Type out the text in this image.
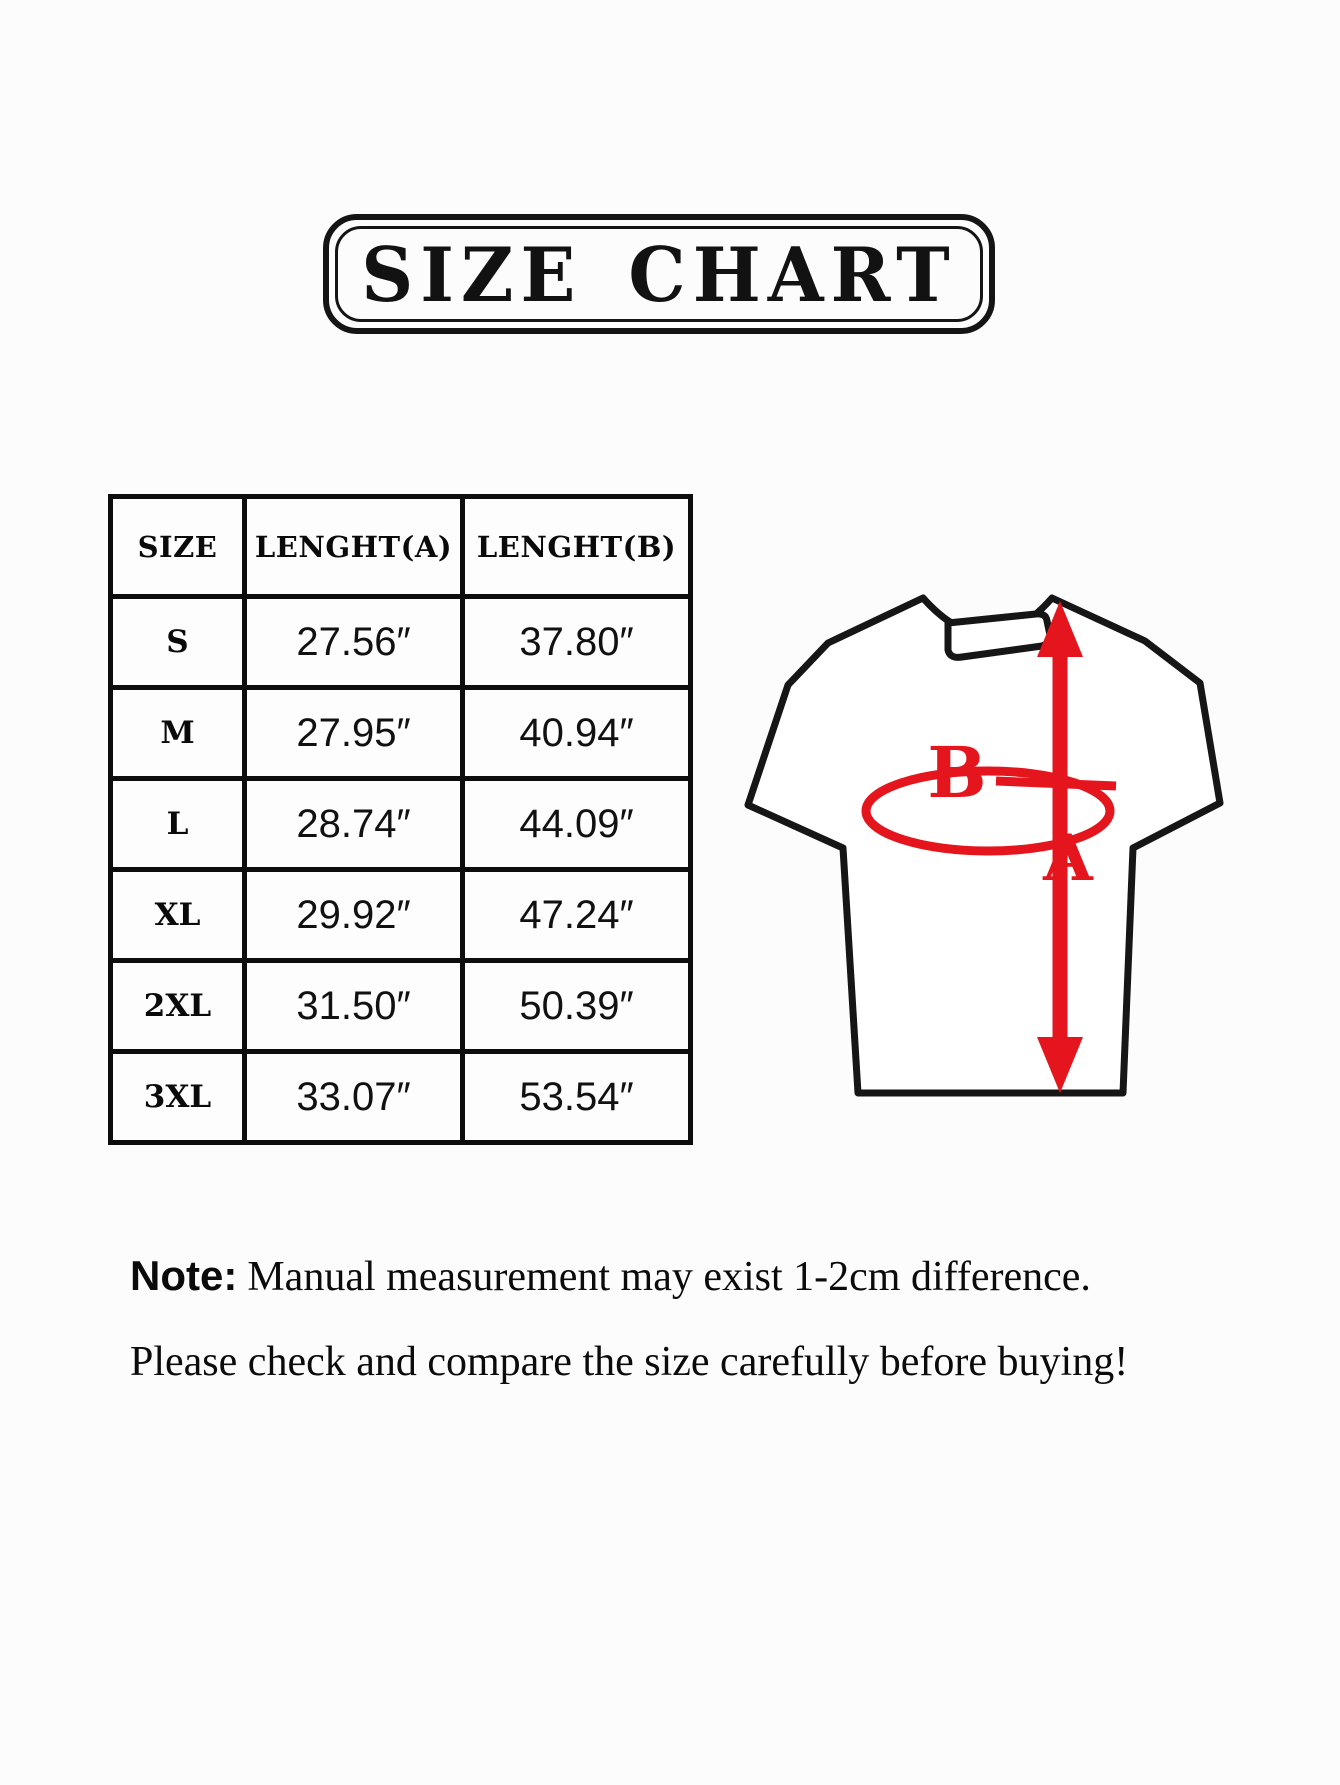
SIZE CHART
SIZE	LENGHT(A)	LENGHT(B)
S	27.56″	37.80″
M	27.95″	40.94″
L	28.74″	44.09″
XL	29.92″	47.24″
2XL	31.50″	50.39″
3XL	33.07″	53.54″
B
A
Note: Manual measurement may exist 1-2cm difference.
Please check and compare the size carefully before buying!
